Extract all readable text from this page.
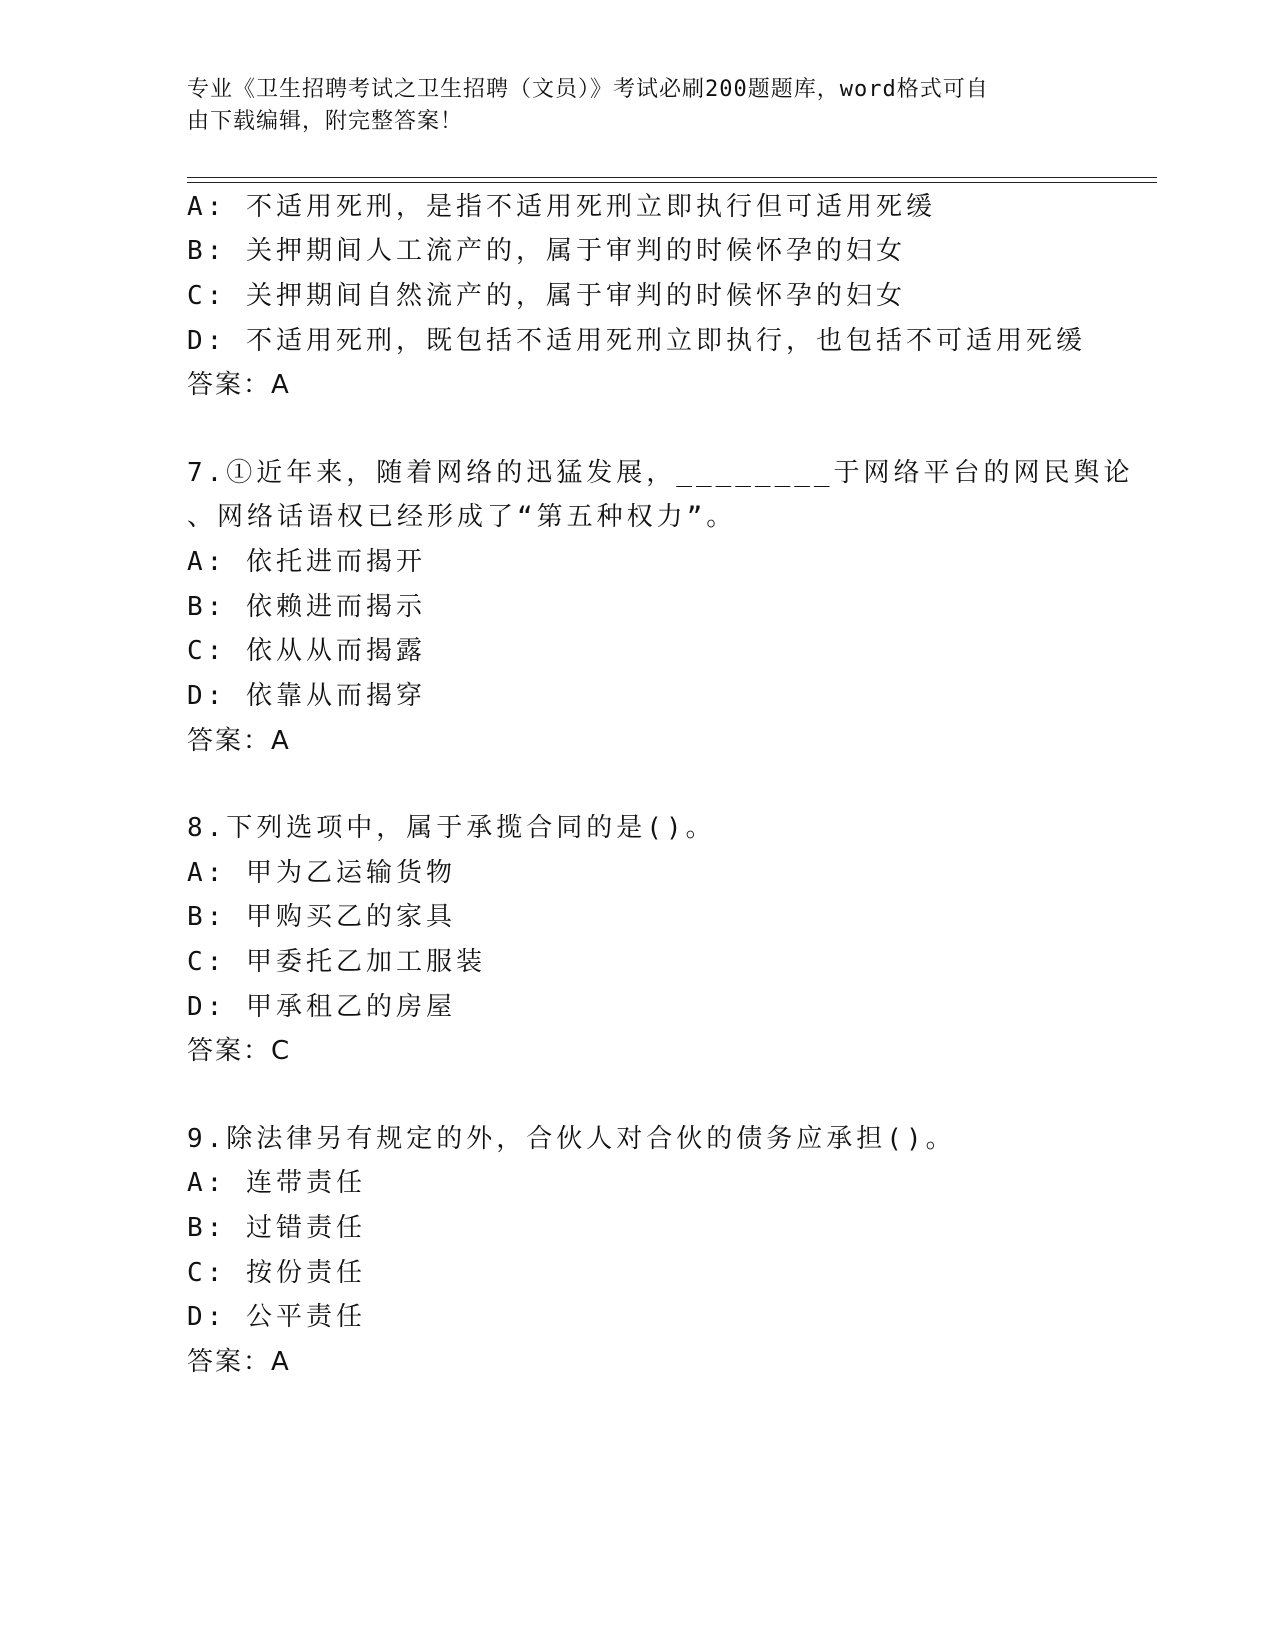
专业《卫生招聘考试之卫生招聘（文员）》考试必刷200题题库，word格式可自
由下载编辑，附完整答案！
A: 不适用死刑，是指不适用死刑立即执行但可适用死缓
B: 关押期间人工流产的，属于审判的时候怀孕的妇女
C: 关押期间自然流产的，属于审判的时候怀孕的妇女
D: 不适用死刑，既包括不适用死刑立即执行，也包括不可适用死缓
答案：A
7.①近年来，随着网络的迅猛发展，________于网络平台的网民舆论
、网络话语权已经形成了“第五种权力”。
A: 依托进而揭开
B: 依赖进而揭示
C: 依从从而揭露
D: 依靠从而揭穿
答案：A
8.下列选项中，属于承揽合同的是()。
A: 甲为乙运输货物
B: 甲购买乙的家具
C: 甲委托乙加工服装
D: 甲承租乙的房屋
答案：C
9.除法律另有规定的外，合伙人对合伙的债务应承担()。
A: 连带责任
B: 过错责任
C: 按份责任
D: 公平责任
答案：A
